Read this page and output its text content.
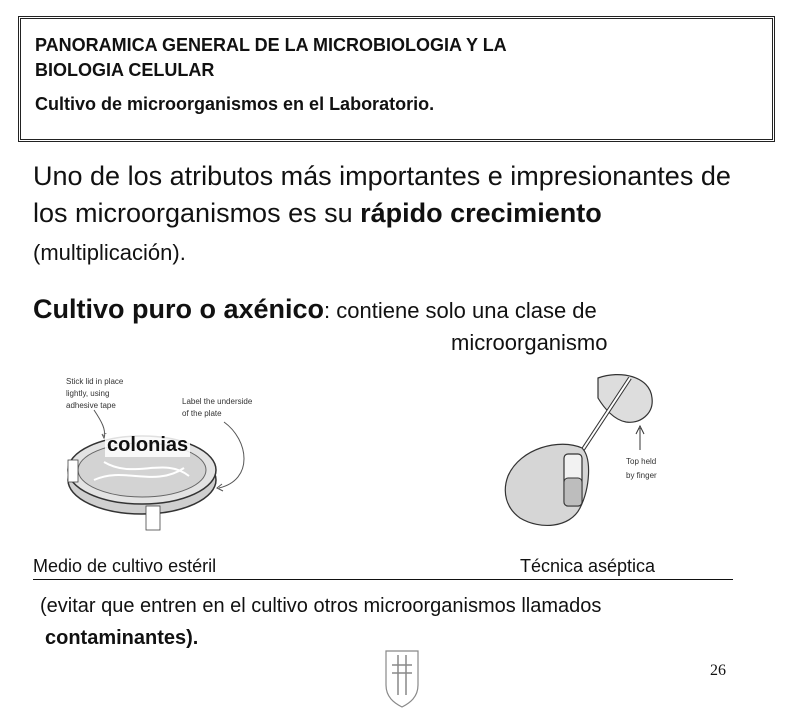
PANORAMICA GENERAL DE LA MICROBIOLOGIA Y LA
BIOLOGIA CELULAR
Cultivo de microorganismos en el Laboratorio.
Uno de los atributos más importantes e impresionantes de los microorganismos es su rápido crecimiento (multiplicación).
Cultivo puro o axénico: contiene solo una clase de
microorganismo
Stick lid in place
lightly, using
adhesive tape	Label the underside
of the plate
colonias
Top held
by finger
Medio de cultivo estéril	Técnica aséptica
(evitar que entren en el cultivo otros microorganismos llamados
contaminantes).
26
